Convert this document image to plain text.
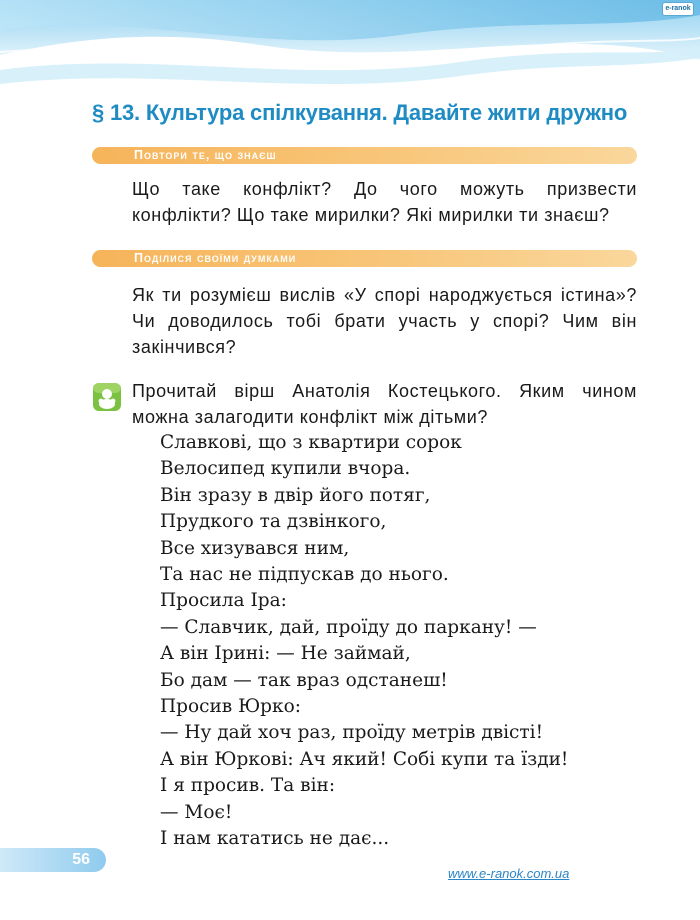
e-ranok
§ 13. Культура спілкування. Давайте жити дружно
Повтори те, що знаєш

Що таке конфлікт? До чого можуть призвести конфлікти? Що таке мирилки? Які мирилки ти знаєш?

Поділися своїми думками

Як ти розумієш вислів «У спорі народжується істина»? Чи доводилось тобі брати участь у спорі? Чим він закінчився?

Прочитай вірш Анатолія Костецького. Яким чином можна залагодити конфлікт між дітьми?

Славкові, що з квартири сорок
Велосипед купили вчора.
Він зразу в двір його потяг,
Прудкого та дзвінкого,
Все хизувався ним,
Та нас не підпускав до нього.
Просила Іра:
— Славчик, дай, проїду до паркану! —
А він Ірині: — Не займай,
Бо дам — так враз одстанеш!
Просив Юрко:
— Ну дай хоч раз, проїду метрів двісті!
А він Юркові: Ач який! Собі купи та їзди!
І я просив. Та він:
— Моє!
І нам кататись не дає...
56
www.e-ranok.com.ua
